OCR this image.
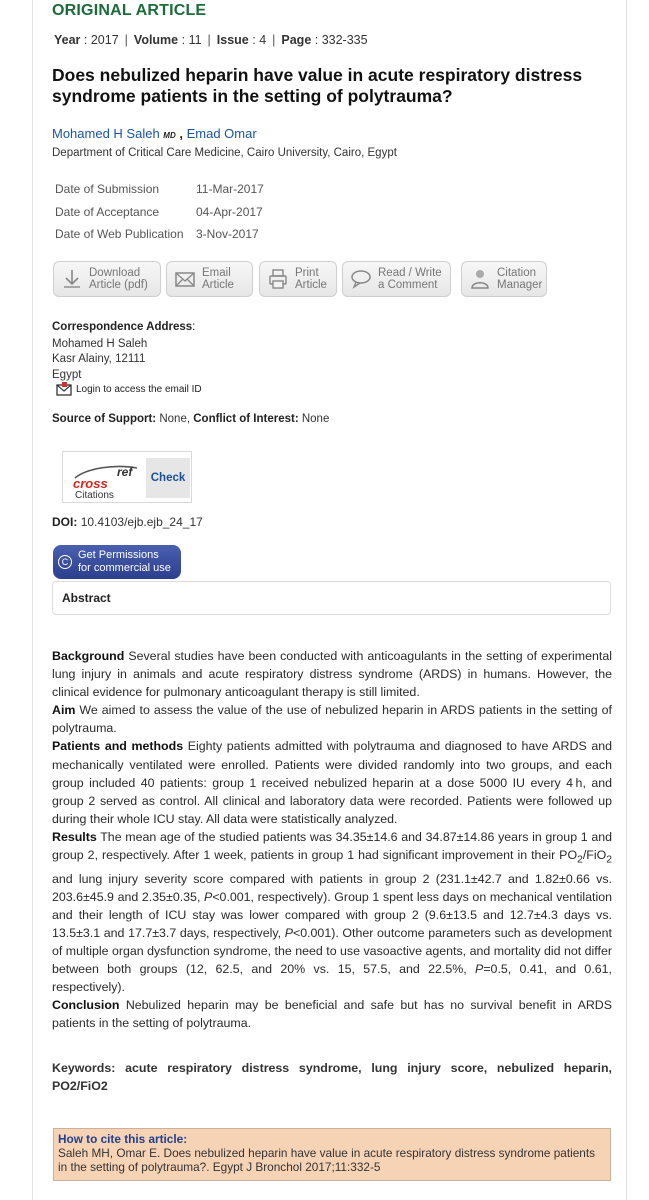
ORIGINAL ARTICLE
Year : 2017 | Volume : 11 | Issue : 4 | Page : 332-335
Does nebulized heparin have value in acute respiratory distress syndrome patients in the setting of polytrauma?
Mohamed H Saleh MD , Emad Omar
Department of Critical Care Medicine, Cairo University, Cairo, Egypt
Date of Submission	11-Mar-2017
Date of Acceptance	04-Apr-2017
Date of Web Publication	3-Nov-2017
Download
Article (pdf)
Email
Article
Print
Article
Read / Write
a Comment
Citation
Manager
Correspondence Address:
Mohamed H Saleh
Kasr Alainy, 12111
Egypt
Login to access the email ID
Source of Support: None, Conflict of Interest: None
cross
ref
Citations
Check
DOI: 10.4103/ejb.ejb_24_17
C
Get Permissions
for commercial use
Abstract

Background Several studies have been conducted with anticoagulants in the setting of experimental lung injury in animals and acute respiratory distress syndrome (ARDS) in humans. However, the clinical evidence for pulmonary anticoagulant therapy is still limited.

Aim We aimed to assess the value of the use of nebulized heparin in ARDS patients in the setting of polytrauma.

Patients and methods Eighty patients admitted with polytrauma and diagnosed to have ARDS and mechanically ventilated were enrolled. Patients were divided randomly into two groups, and each group included 40 patients: group 1 received nebulized heparin at a dose 5000 IU every 4 h, and group 2 served as control. All clinical and laboratory data were recorded. Patients were followed up during their whole ICU stay. All data were statistically analyzed.

Results The mean age of the studied patients was 34.35±14.6 and 34.87±14.86 years in group 1 and group 2, respectively. After 1 week, patients in group 1 had significant improvement in their $PO_2/FiO_2$ and lung injury severity score compared with patients in group 2 (231.1±42.7 and 1.82±0.66 vs. 203.6±45.9 and 2.35±0.35, P<0.001, respectively). Group 1 spent less days on mechanical ventilation and their length of ICU stay was lower compared with group 2 (9.6±13.5 and 12.7±4.3 days vs. 13.5±3.1 and 17.7±3.7 days, respectively, P<0.001). Other outcome parameters such as development of multiple organ dysfunction syndrome, the need to use vasoactive agents, and mortality did not differ between both groups (12, 62.5, and 20% vs. 15, 57.5, and 22.5%, P=0.5, 0.41, and 0.61, respectively).

Conclusion Nebulized heparin may be beneficial and safe but has no survival benefit in ARDS patients in the setting of polytrauma.

Keywords: acute respiratory distress syndrome, lung injury score, nebulized heparin, PO2/FiO2
How to cite this article:
Saleh MH, Omar E. Does nebulized heparin have value in acute respiratory distress syndrome patients in the setting of polytrauma?. Egypt J Bronchol 2017;11:332-5
